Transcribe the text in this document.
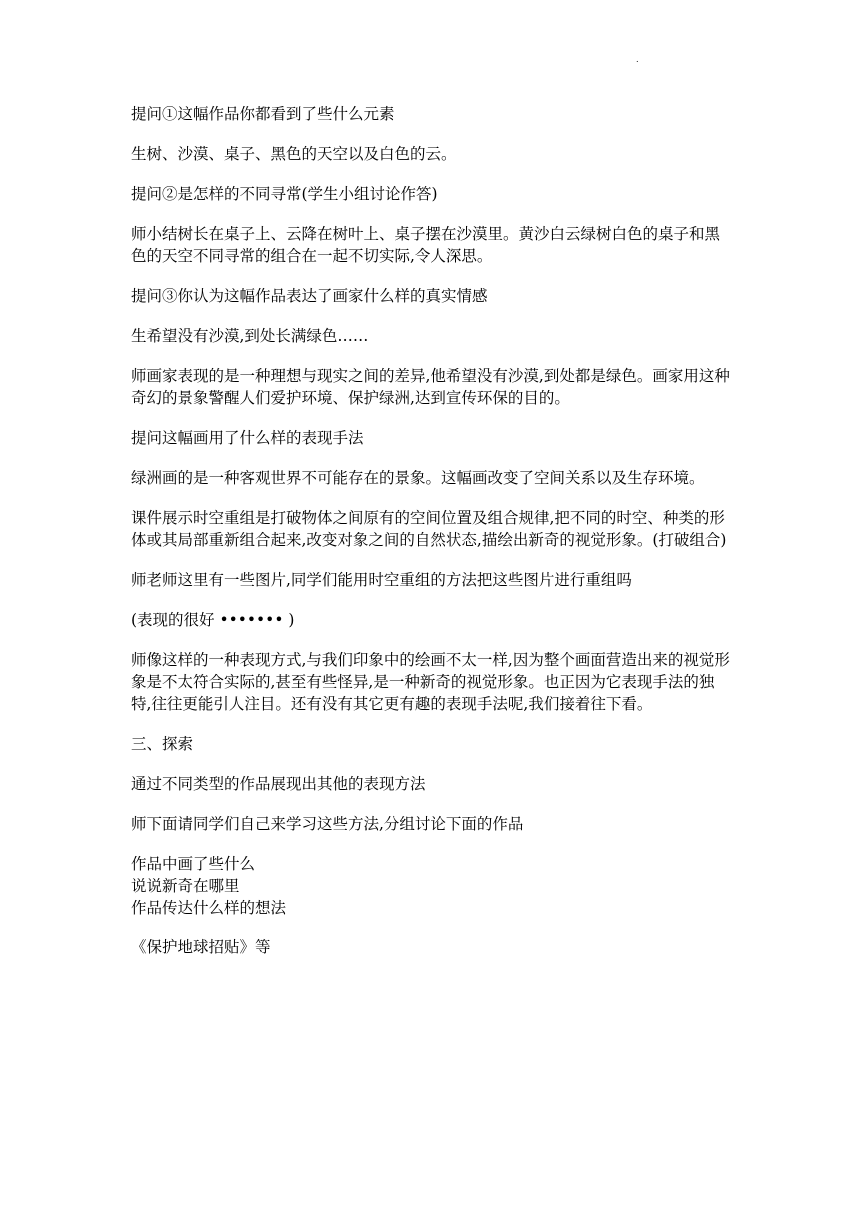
.

提问①这幅作品你都看到了些什么元素

生树、沙漠、桌子、黑色的天空以及白色的云。

提问②是怎样的不同寻常(学生小组讨论作答)

师小结树长在桌子上、云降在树叶上、桌子摆在沙漠里。黄沙白云绿树白色的桌子和黑色的天空不同寻常的组合在一起不切实际,令人深思。

提问③你认为这幅作品表达了画家什么样的真实情感

生希望没有沙漠,到处长满绿色……

师画家表现的是一种理想与现实之间的差异,他希望没有沙漠,到处都是绿色。画家用这种奇幻的景象警醒人们爱护环境、保护绿洲,达到宣传环保的目的。

提问这幅画用了什么样的表现手法

绿洲画的是一种客观世界不可能存在的景象。这幅画改变了空间关系以及生存环境。

课件展示时空重组是打破物体之间原有的空间位置及组合规律,把不同的时空、种类的形体或其局部重新组合起来,改变对象之间的自然状态,描绘出新奇的视觉形象。(打破组合)

师老师这里有一些图片,同学们能用时空重组的方法把这些图片进行重组吗

(表现的很好 ••••••• )

师像这样的一种表现方式,与我们印象中的绘画不太一样,因为整个画面营造出来的视觉形象是不太符合实际的,甚至有些怪异,是一种新奇的视觉形象。也正因为它表现手法的独特,往往更能引人注目。还有没有其它更有趣的表现手法呢,我们接着往下看。

三、探索

通过不同类型的作品展现出其他的表现方法

师下面请同学们自己来学习这些方法,分组讨论下面的作品

作品中画了些什么
说说新奇在哪里
作品传达什么样的想法

《保护地球招贴》等
